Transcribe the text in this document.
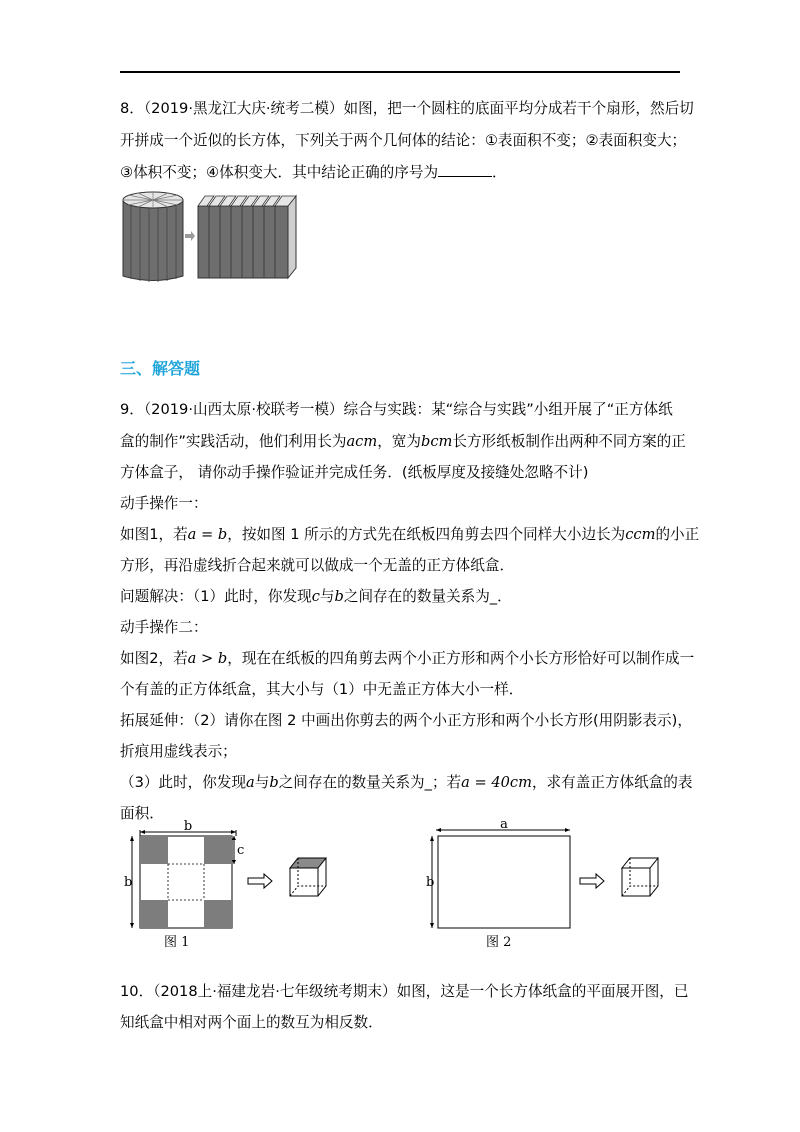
8．（2019·黑龙江大庆·统考二模）如图，把一个圆柱的底面平均分成若干个扇形，然后切
开拼成一个近似的长方体，下列关于两个几何体的结论：①表面积不变；②表面积变大；
③体积不变；④体积变大．其中结论正确的序号为	．
三、解答题
9．（2019·山西太原·校联考一模）综合与实践：某“综合与实践”小组开展了“正方体纸
盒的制作”实践活动，他们利用长为acm，宽为bcm长方形纸板制作出两种不同方案的正
方体盒子， 请你动手操作验证并完成任务．(纸板厚度及接缝处忽略不计)
动手操作一：
如图1，若a = b，按如图 1 所示的方式先在纸板四角剪去四个同样大小边长为ccm的小正
方形，再沿虚线折合起来就可以做成一个无盖的正方体纸盒．
问题解决：（1）此时，你发现c与b之间存在的数量关系为_．
动手操作二：
如图2，若a > b，现在在纸板的四角剪去两个小正方形和两个小长方形恰好可以制作成一
个有盖的正方体纸盒，其大小与（1）中无盖正方体大小一样．
拓展延伸：（2）请你在图 2 中画出你剪去的两个小正方形和两个小长方形(用阴影表示)，
折痕用虚线表示；
（3）此时，你发现a与b之间存在的数量关系为_；若a = 40cm，求有盖正方体纸盒的表
面积．
b
b
c
图 1
a
b
图 2
10．（2018上·福建龙岩·七年级统考期末）如图，这是一个长方体纸盒的平面展开图，已
知纸盒中相对两个面上的数互为相反数．
